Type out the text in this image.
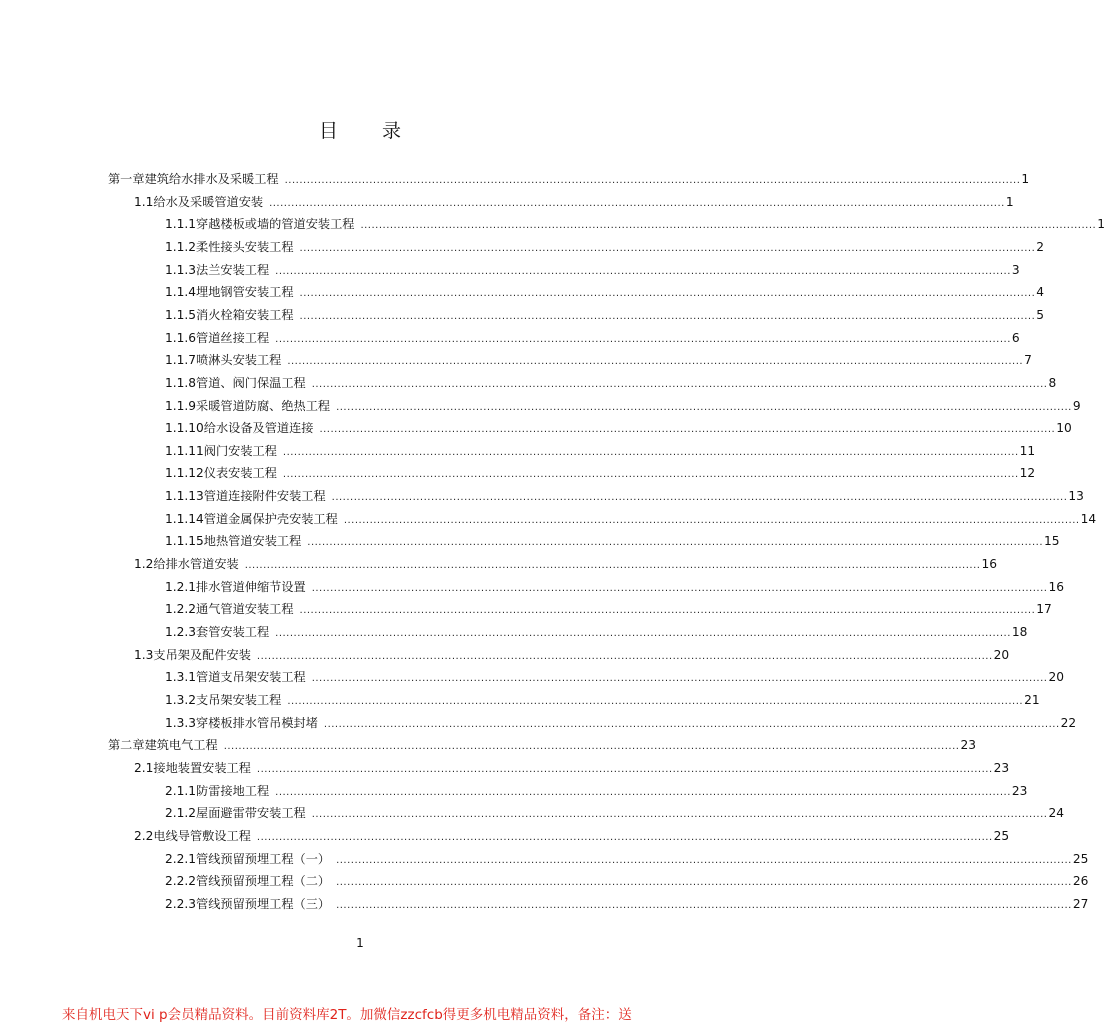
目录
第一章 建筑给水排水及采暖工程 ........................................................................................................................................................................................................ 1
1.1 给水及采暖管道安装 ........................................................................................................................................................................................................ 1
1.1.1 穿越楼板或墙的管道安装工程 ........................................................................................................................................................................................................ 1
1.1.2 柔性接头安装工程 ........................................................................................................................................................................................................ 2
1.1.3 法兰安装工程 ........................................................................................................................................................................................................ 3
1.1.4 埋地钢管安装工程 ........................................................................................................................................................................................................ 4
1.1.5 消火栓箱安装工程 ........................................................................................................................................................................................................ 5
1.1.6 管道丝接工程 ........................................................................................................................................................................................................ 6
1.1.7 喷淋头安装工程 ........................................................................................................................................................................................................ 7
1.1.8 管道、阀门保温工程 ........................................................................................................................................................................................................ 8
1.1.9 采暖管道防腐、绝热工程 ........................................................................................................................................................................................................ 9
1.1.10 给水设备及管道连接 ........................................................................................................................................................................................................ 10
1.1.11 阀门安装工程 ........................................................................................................................................................................................................ 11
1.1.12 仪表安装工程 ........................................................................................................................................................................................................ 12
1.1.13 管道连接附件安装工程 ........................................................................................................................................................................................................ 13
1.1.14 管道金属保护壳安装工程 ........................................................................................................................................................................................................ 14
1.1.15 地热管道安装工程 ........................................................................................................................................................................................................ 15
1.2 给排水管道安装 ........................................................................................................................................................................................................ 16
1.2.1 排水管道伸缩节设置 ........................................................................................................................................................................................................ 16
1.2.2 通气管道安装工程 ........................................................................................................................................................................................................ 17
1.2.3 套管安装工程 ........................................................................................................................................................................................................ 18
1.3 支吊架及配件安装 ........................................................................................................................................................................................................ 20
1.3.1 管道支吊架安装工程 ........................................................................................................................................................................................................ 20
1.3.2 支吊架安装工程 ........................................................................................................................................................................................................ 21
1.3.3 穿楼板排水管吊模封堵 ........................................................................................................................................................................................................ 22
第二章 建筑电气工程 ........................................................................................................................................................................................................ 23
2.1 接地装置安装工程 ........................................................................................................................................................................................................ 23
2.1.1 防雷接地工程 ........................................................................................................................................................................................................ 23
2.1.2 屋面避雷带安装工程 ........................................................................................................................................................................................................ 24
2.2 电线导管敷设工程 ........................................................................................................................................................................................................ 25
2.2.1 管线预留预埋工程（一） ........................................................................................................................................................................................................ 25
2.2.2 管线预留预埋工程（二） ........................................................................................................................................................................................................ 26
2.2.3 管线预留预埋工程（三） ........................................................................................................................................................................................................ 27
1
来自机电天下vi p会员精品资料。目前资料库2T。加微信zzcfcb得更多机电精品资料，备注：送
